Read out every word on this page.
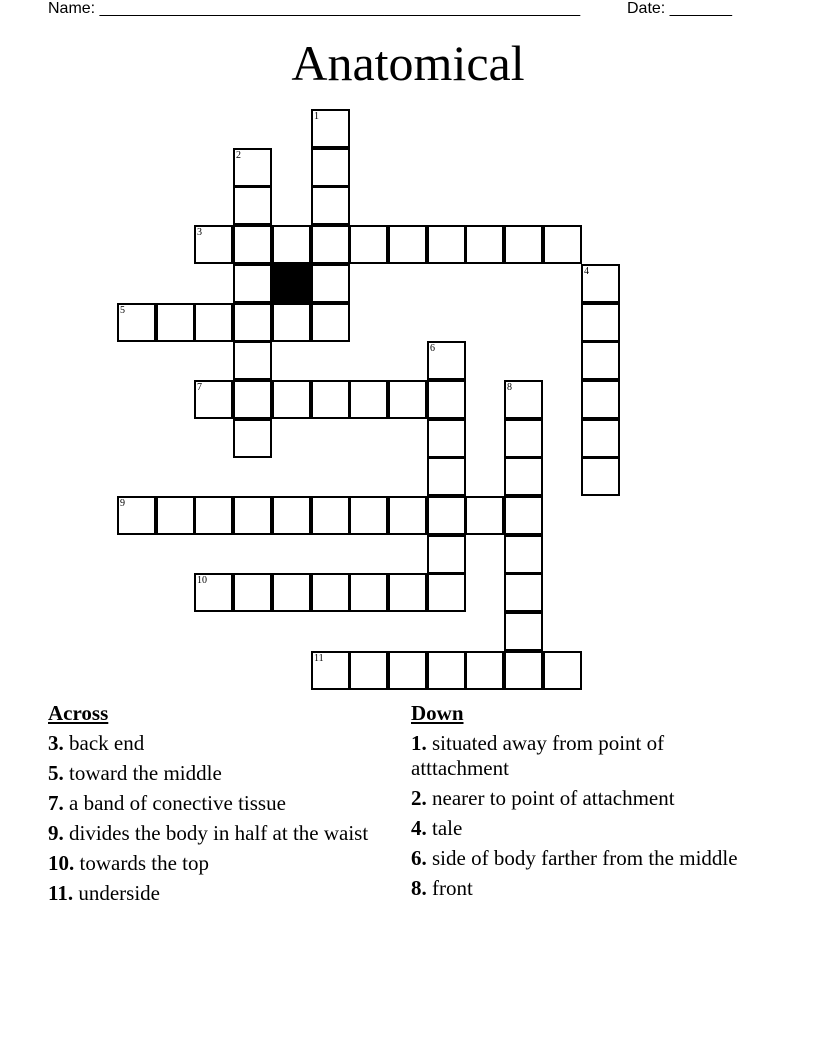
Name: ______________________________________________________	Date: _______
Anatomical
1
2
3
4
5
6
7	8
9
10
11
Across
3. back end
5. toward the middle
7. a band of conective tissue
9. divides the body in half at the waist
10. towards the top
11. underside
Down
1. situated away from point of atttachment
2. nearer to point of attachment
4. tale
6. side of body farther from the middle
8. front
